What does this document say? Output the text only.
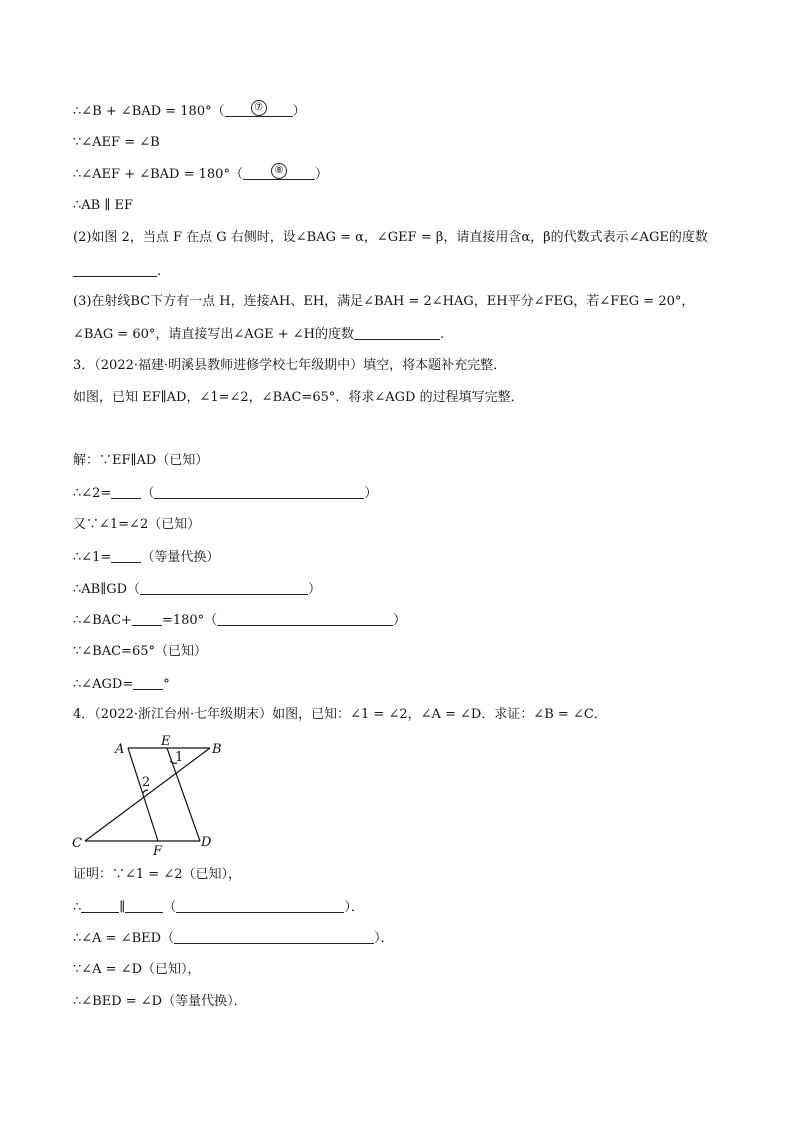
∴∠B + ∠BAD = 180°（	⑦ ）
∵∠AEF = ∠B
∴∠AEF + ∠BAD = 180°（	⑧ ）
∴AB ∥ EF
(2)如图 2，当点 F 在点 G 右侧时，设∠BAG = α，∠GEF = β，请直接用含α，β的代数式表示∠AGE的度数
.
(3)在射线BC下方有一点 H，连接AH、EH，满足∠BAH = 2∠HAG，EH平分∠FEG，若∠FEG = 20°，
∠BAG = 60°，请直接写出∠AGE + ∠H的度数	.
3．（2022·福建·明溪县教师进修学校七年级期中）填空，将本题补充完整．
如图，已知 EF∥AD，∠1=∠2，∠BAC=65°．将求∠AGD 的过程填写完整．
解：∵EF∥AD（已知）
∴∠2= （	）
又∵∠1=∠2（已知）
∴∠1= （等量代换）
∴AB∥GD（	）
∴∠BAC+ =180°（	）
∵∠BAC=65°（已知）
∴∠AGD= °
4．（2022·浙江台州·七年级期末）如图，已知：∠1 = ∠2，∠A = ∠D．求证：∠B = ∠C．
A
E
B
C
F
D
1
2
证明：∵∠1 = ∠2（已知），
∴	∥	（	）．
∴∠A = ∠BED（	）．
∵∠A = ∠D（已知），
∴∠BED = ∠D（等量代换）．
